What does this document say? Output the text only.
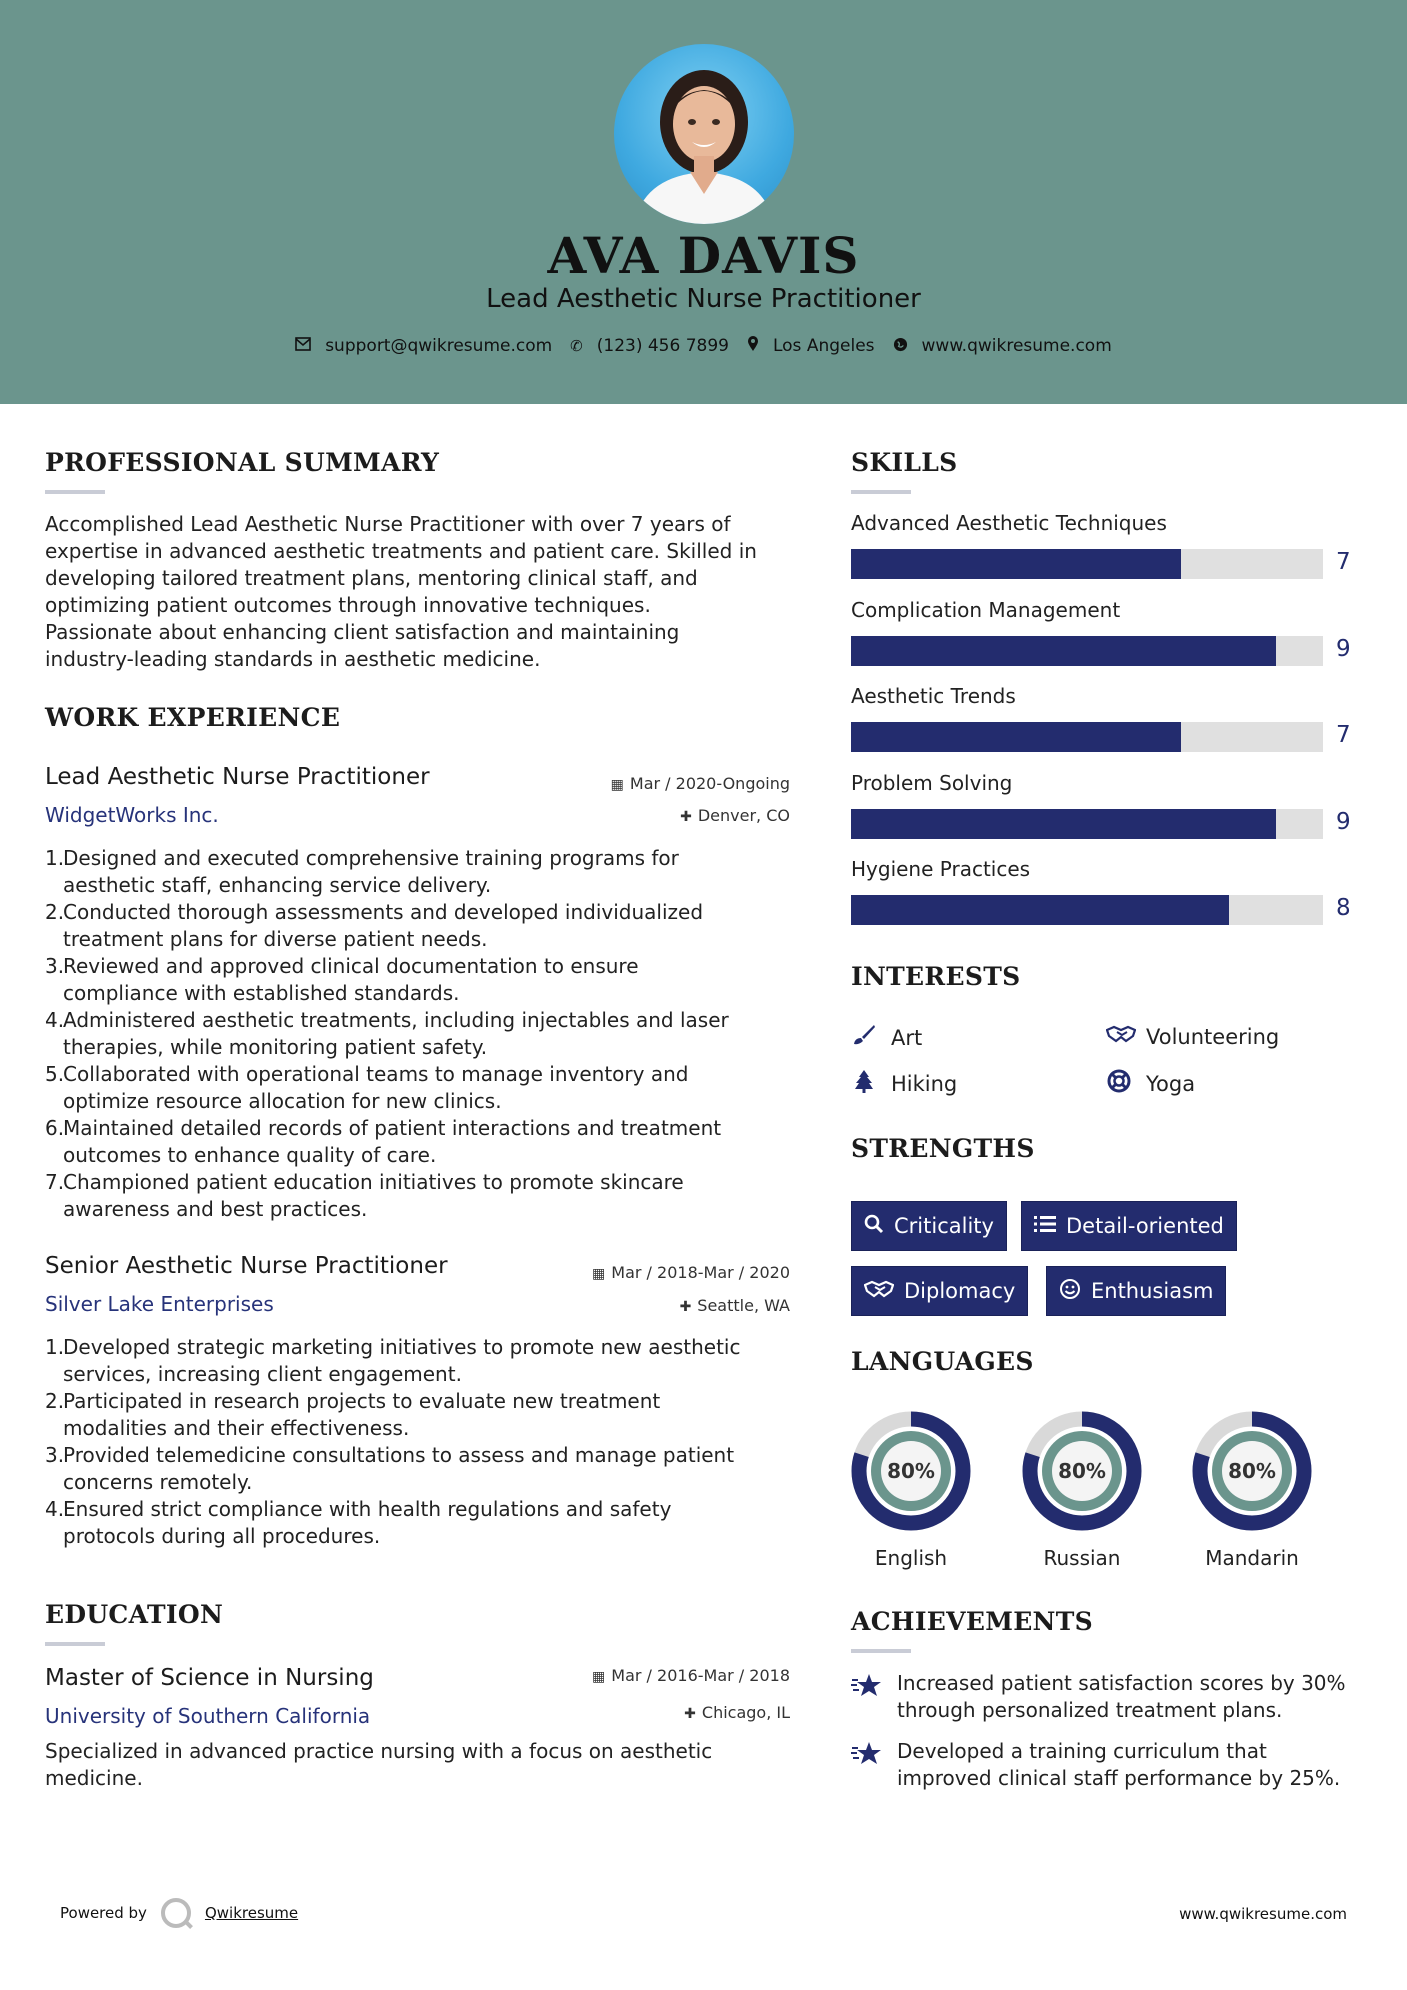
AVA DAVIS
Lead Aesthetic Nurse Practitioner
support@qwikresume.com ✆ (123) 456 7899	Los Angeles	www.qwikresume.com
PROFESSIONAL SUMMARY
Accomplished Lead Aesthetic Nurse Practitioner with over 7 years of
expertise in advanced aesthetic treatments and patient care. Skilled in
developing tailored treatment plans, mentoring clinical staff, and
optimizing patient outcomes through innovative techniques.
Passionate about enhancing client satisfaction and maintaining
industry-leading standards in aesthetic medicine.
WORK EXPERIENCE
Lead Aesthetic Nurse Practitioner
WidgetWorks Inc.
▦ Mar / 2020-Ongoing
✚ Denver, CO
1.
Designed and executed comprehensive training programs for
aesthetic staff, enhancing service delivery.
2.
Conducted thorough assessments and developed individualized
treatment plans for diverse patient needs.
3.
Reviewed and approved clinical documentation to ensure
compliance with established standards.
4.
Administered aesthetic treatments, including injectables and laser
therapies, while monitoring patient safety.
5.
Collaborated with operational teams to manage inventory and
optimize resource allocation for new clinics.
6.
Maintained detailed records of patient interactions and treatment
outcomes to enhance quality of care.
7.
Championed patient education initiatives to promote skincare
awareness and best practices.
Senior Aesthetic Nurse Practitioner
Silver Lake Enterprises
▦ Mar / 2018-Mar / 2020
✚ Seattle, WA
1.
Developed strategic marketing initiatives to promote new aesthetic
services, increasing client engagement.
2.
Participated in research projects to evaluate new treatment
modalities and their effectiveness.
3.
Provided telemedicine consultations to assess and manage patient
concerns remotely.
4.
Ensured strict compliance with health regulations and safety
protocols during all procedures.
EDUCATION
Master of Science in Nursing
University of Southern California
▦ Mar / 2016-Mar / 2018
✚ Chicago, IL
Specialized in advanced practice nursing with a focus on aesthetic
medicine.
SKILLS
Advanced Aesthetic Techniques
7
Complication Management
9
Aesthetic Trends
7
Problem Solving
9
Hygiene Practices
8
INTERESTS
Art	Volunteering
Hiking	Yoga
STRENGTHS
Criticality	Detail-oriented
Diplomacy	Enthusiasm
LANGUAGES
80%
English
80%
Russian
80%
Mandarin
ACHIEVEMENTS
Increased patient satisfaction scores by 30%
through personalized treatment plans.
Developed a training curriculum that
improved clinical staff performance by 25%.
Powered by	Qwikresume	www.qwikresume.com
